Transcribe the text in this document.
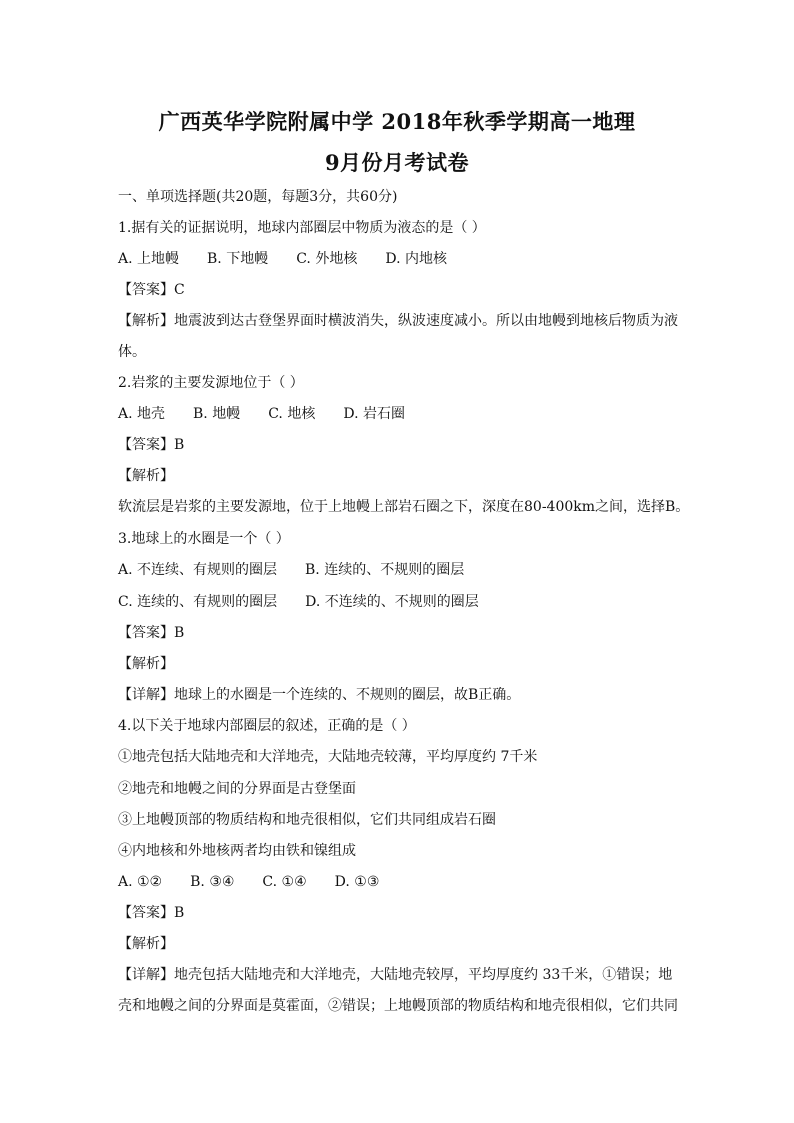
广西英华学院附属中学 2018年秋季学期高一地理
9月份月考试卷
一、单项选择题(共20题，每题3分，共60分)
1.据有关的证据说明，地球内部圈层中物质为液态的是（ ）
A. 上地幔 B. 下地幔 C. 外地核 D. 内地核
【答案】C
【解析】地震波到达古登堡界面时横波消失，纵波速度减小。所以由地幔到地核后物质为液
体。
2.岩浆的主要发源地位于（ ）
A. 地壳 B. 地幔 C. 地核 D. 岩石圈
【答案】B
【解析】
软流层是岩浆的主要发源地，位于上地幔上部岩石圈之下，深度在80-400km之间，选择B。
3.地球上的水圈是一个（ ）
A. 不连续、有规则的圈层 B. 连续的、不规则的圈层
C. 连续的、有规则的圈层 D. 不连续的、不规则的圈层
【答案】B
【解析】
【详解】地球上的水圈是一个连续的、不规则的圈层，故B正确。
4.以下关于地球内部圈层的叙述，正确的是（ ）
①地壳包括大陆地壳和大洋地壳，大陆地壳较薄，平均厚度约 7千米
②地壳和地幔之间的分界面是古登堡面
③上地幔顶部的物质结构和地壳很相似，它们共同组成岩石圈
④内地核和外地核两者均由铁和镍组成
A. ①② B. ③④ C. ①④ D. ①③
【答案】B
【解析】
【详解】地壳包括大陆地壳和大洋地壳，大陆地壳较厚，平均厚度约 33千米，①错误；地
壳和地幔之间的分界面是莫霍面，②错误；上地幔顶部的物质结构和地壳很相似，它们共同
